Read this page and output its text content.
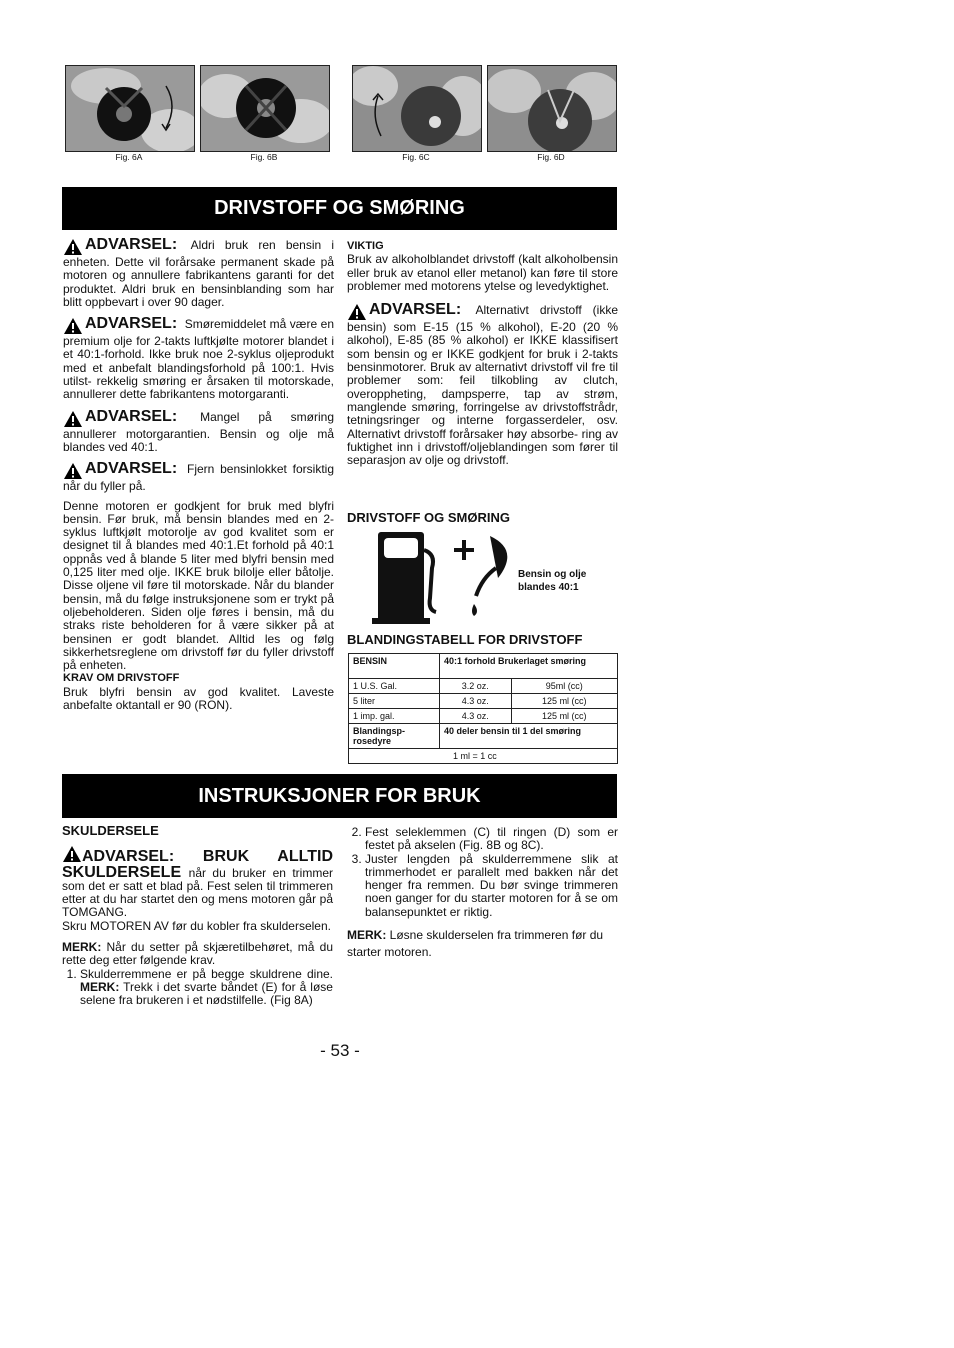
Fig. 6A	Fig. 6B	Fig. 6C	Fig. 6D
DRIVSTOFF OG SMØRING

ADVARSEL: Aldri bruk ren bensin i enheten. Dette vil forårsake permanent skade på motoren og annullere fabrikantens garanti for det produktet. Aldri bruk en bensinblanding som har blitt oppbevart i over 90 dager.

ADVARSEL: Smøremiddelet må være en premium olje for 2-takts luftkjølte motorer blandet i et 40:1-forhold. Ikke bruk noe 2-syklus oljeprodukt med et anbefalt blandingsforhold på 100:1. Hvis utilst- rekkelig smøring er årsaken til motorskade, annullerer dette fabrikantens motorgaranti.

ADVARSEL: Mangel på smøring annullerer motorgarantien. Bensin og olje må blandes ved 40:1.

ADVARSEL: Fjern bensinlokket forsiktig når du fyller på.

Denne motoren er godkjent for bruk med blyfri bensin. Før bruk, må bensin blandes med en 2-syklus luftkjølt motorolje av god kvalitet som er designet til å blandes med 40:1.Et forhold på 40:1 oppnås ved å blande 5 liter med blyfri bensin med 0,125 liter med olje. IKKE bruk bilolje eller båtolje. Disse oljene vil føre til motorskade. Når du blander bensin, må du følge instruksjonene som er trykt på oljebeholderen. Siden olje føres i bensin, må du straks riste beholderen for å være sikker på at bensinen er godt blandet. Alltid les og følg sikkerhetsreglene om drivstoff før du fyller drivstoff på enheten.

KRAV OM DRIVSTOFF

Bruk blyfri bensin av god kvalitet. Laveste anbefalte oktantall er 90 (RON).

VIKTIG

Bruk av alkoholblandet drivstoff (kalt alkoholbensin eller bruk av etanol eller metanol) kan føre til store problemer med motorens ytelse og levedyktighet.

ADVARSEL: Alternativt drivstoff (ikke bensin) som E-15 (15 % alkohol), E-20 (20 % alkohol), E-85 (85 % alkohol) er IKKE klassifisert som bensin og er IKKE godkjent for bruk i 2-takts bensinmotorer. Bruk av alternativt drivstoff vil fre til problemer som: feil tilkobling av clutch, overoppheting, dampsperre, tap av strøm, manglende smøring, forringelse av drivstoffstrådr, tetningsringer og interne forgasserdeler, osv. Alternativt drivstoff forårsaker høy absorbe- ring av fuktighet inn i drivstoff/oljeblandingen som fører til separasjon av olje og drivstoff.

DRIVSTOFF OG SMØRING
Bensin og olje blandes 40:1
BLANDINGSTABELL FOR DRIVSTOFF
BENSIN	40:1 forhold Brukerlaget smøring	
1 U.S. Gal.	3.2 oz.	95ml (cc)
5 liter	4.3 oz.	125 ml (cc)
1 imp. gal.	4.3 oz.	125 ml (cc)
Blandingsp- rosedyre	40 deler bensin til 1 del smøring	
1 ml = 1 cc		
INSTRUKSJONER FOR BRUK

SKULDERSELE

ADVARSEL: BRUK ALLTID SKULDERSELE når du bruker en trimmer som det er satt et blad på. Fest selen til trimmeren etter at du har startet den og mens motoren går på TOMGANG.

Skru MOTOREN AV før du kobler fra skulderselen.

MERK: Når du setter på skjæretilbehøret, må du rette deg etter følgende krav.

1. Skulderremmene er på begge skuldrene dine. MERK: Trekk i det svarte båndet (E) for å løse selene fra brukeren i et nødstilfelle. (Fig 8A)
2. Fest seleklemmen (C) til ringen (D) som er festet på akselen (Fig. 8B og 8C).
3. Juster lengden på skulderremmene slik at trimmerhodet er parallelt med bakken når det henger fra remmen. Du bør svinge trimmeren noen ganger for du starter motoren for å se om balansepunktet er riktig.

MERK: Løsne skulderselen fra trimmeren før du starter motoren.

- 53 -
